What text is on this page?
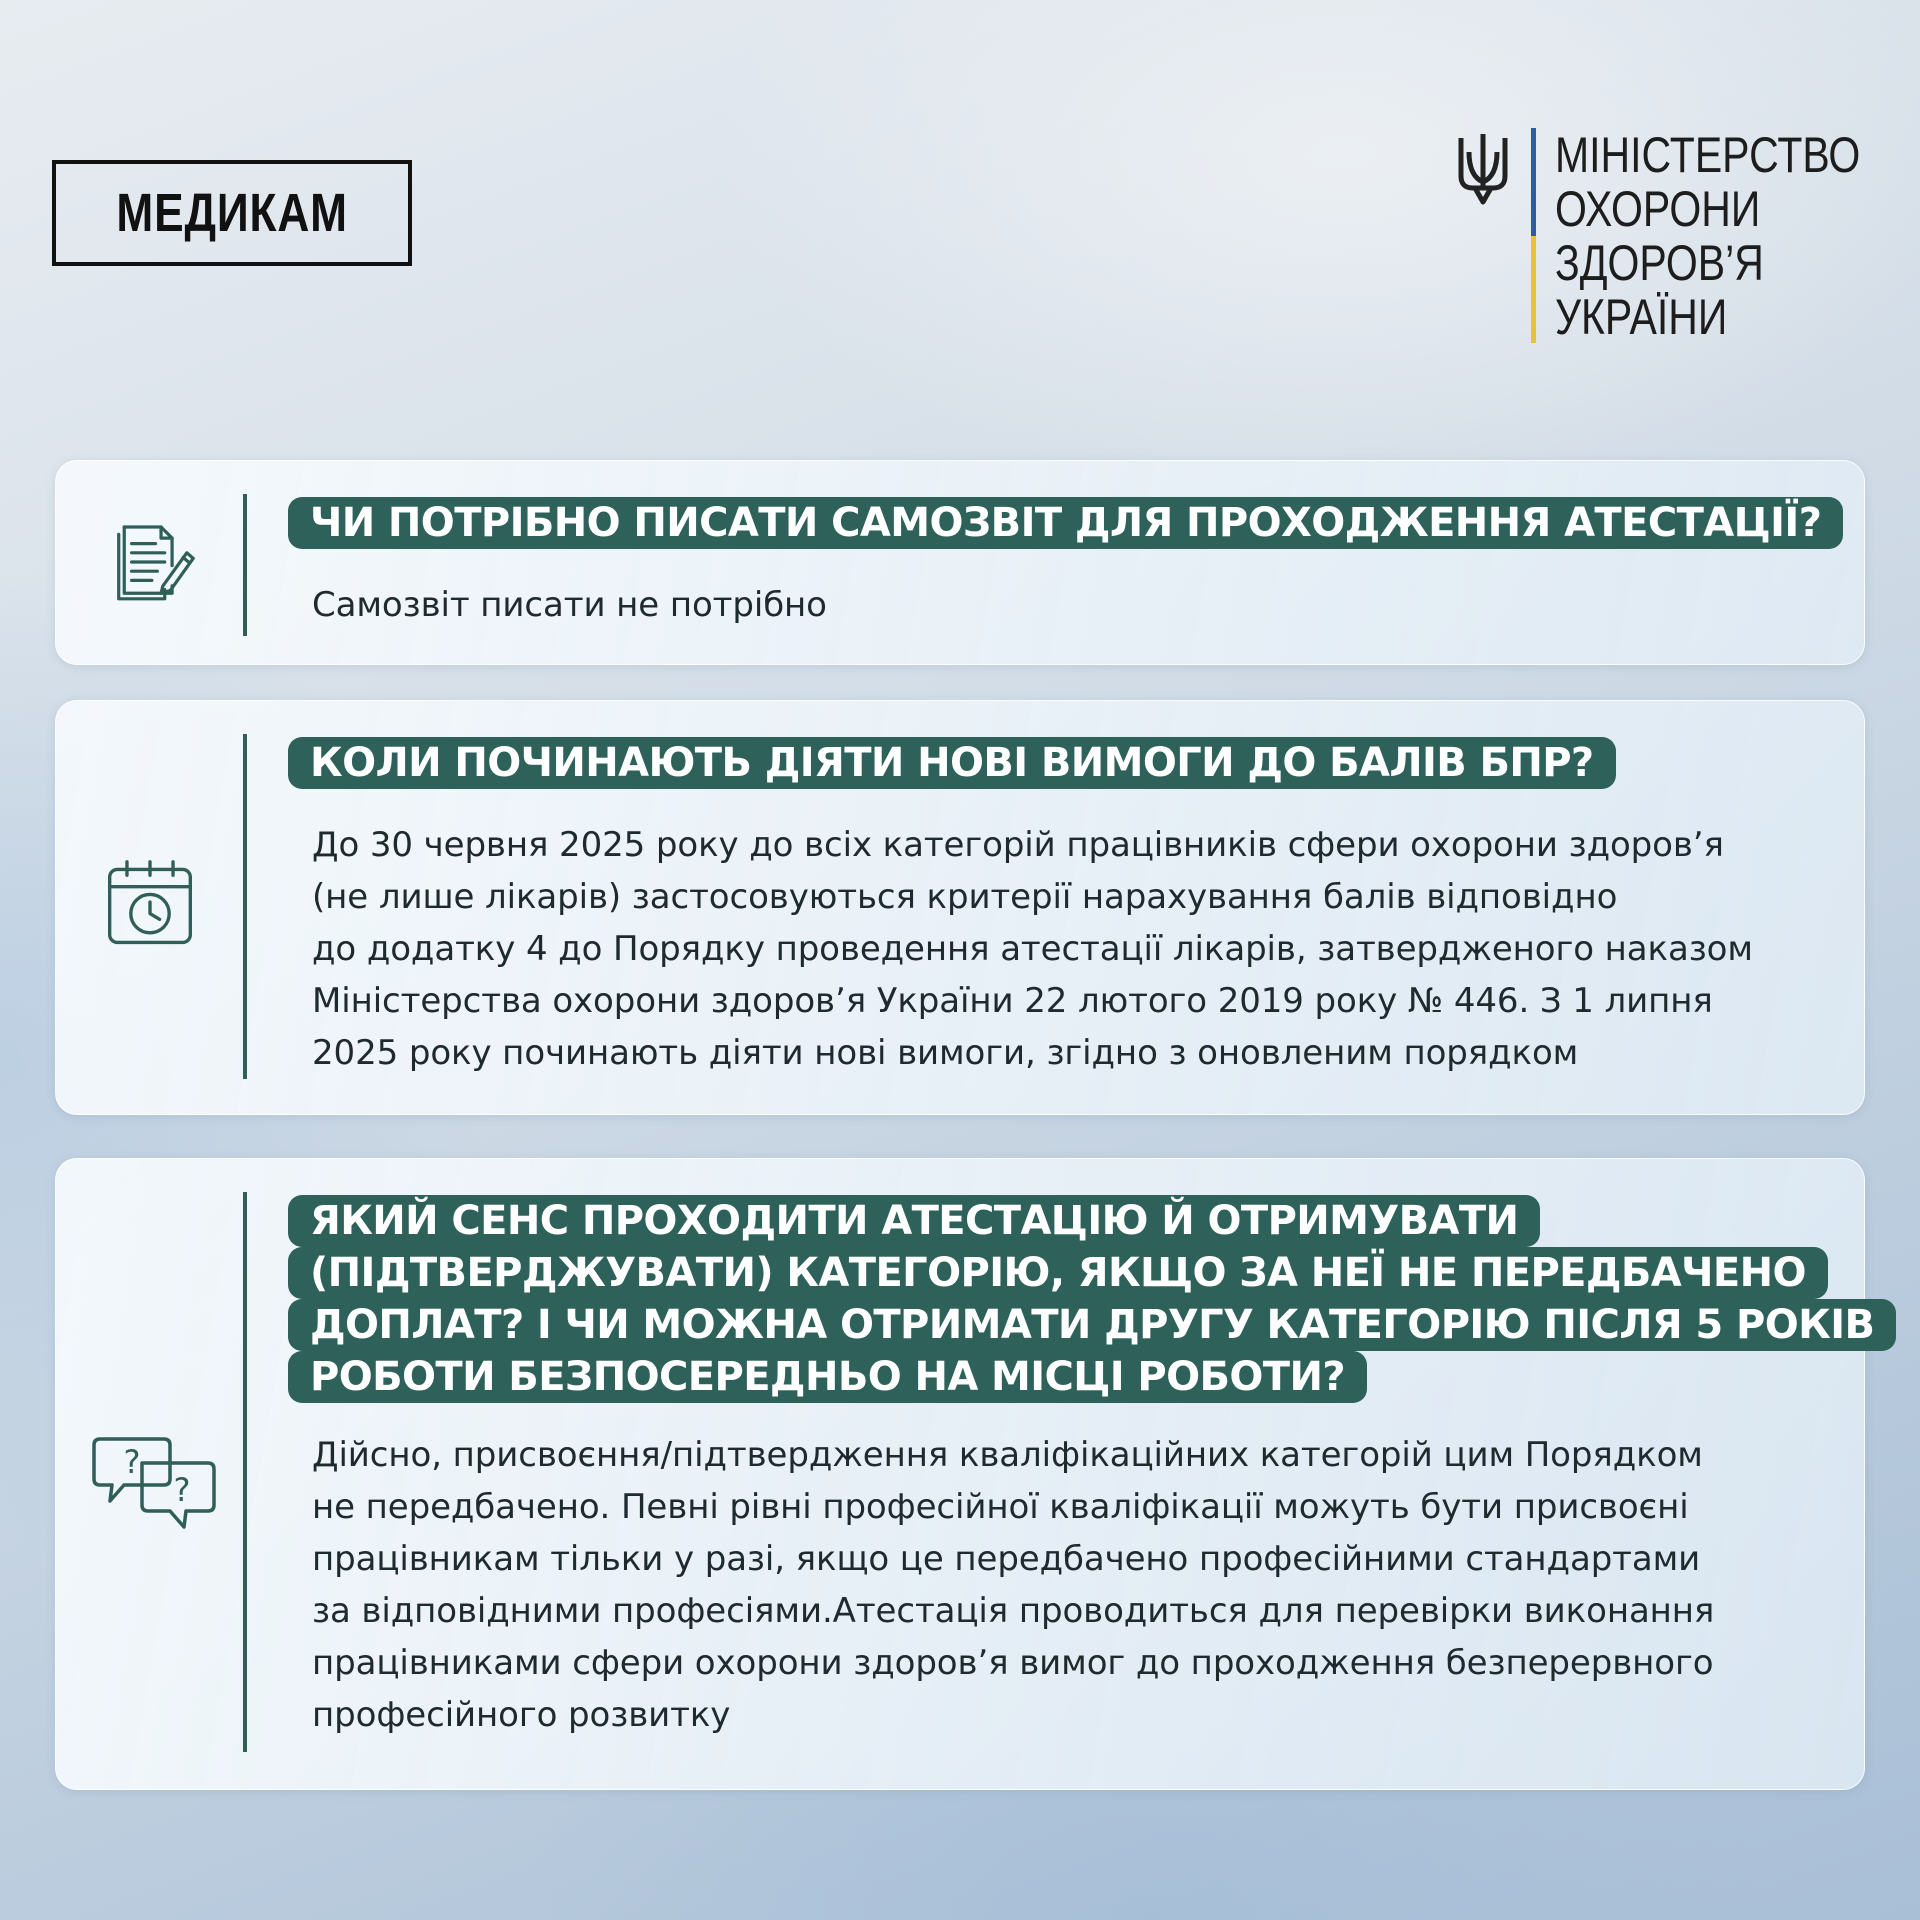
МЕДИКАМ
МІНІСТЕРСТВО
ОХОРОНИ
ЗДОРОВ’Я
УКРАЇНИ
ЧИ ПОТРІБНО ПИСАТИ САМОЗВІТ ДЛЯ ПРОХОДЖЕННЯ АТЕСТАЦІЇ?
Самозвіт писати не потрібно
КОЛИ ПОЧИНАЮТЬ ДІЯТИ НОВІ ВИМОГИ ДО БАЛІВ БПР?
До 30 червня 2025 року до всіх категорій працівників сфери охорони здоров’я
(не лише лікарів) застосовуються критерії нарахування балів відповідно
до додатку 4 до Порядку проведення атестації лікарів, затвердженого наказом
Міністерства охорони здоров’я України 22 лютого 2019 року № 446. З 1 липня
2025 року починають діяти нові вимоги, згідно з оновленим порядком
?
?
ЯКИЙ СЕНС ПРОХОДИТИ АТЕСТАЦІЮ Й ОТРИМУВАТИ
(ПІДТВЕРДЖУВАТИ) КАТЕГОРІЮ, ЯКЩО ЗА НЕЇ НЕ ПЕРЕДБАЧЕНО
ДОПЛАТ? І ЧИ МОЖНА ОТРИМАТИ ДРУГУ КАТЕГОРІЮ ПІСЛЯ 5 РОКІВ
РОБОТИ БЕЗПОСЕРЕДНЬО НА МІСЦІ РОБОТИ?
Дійсно, присвоєння/підтвердження кваліфікаційних категорій цим Порядком
не передбачено. Певні рівні професійної кваліфікації можуть бути присвоєні
працівникам тільки у разі, якщо це передбачено професійними стандартами
за відповідними професіями.Атестація проводиться для перевірки виконання
працівниками сфери охорони здоров’я вимог до проходження безперервного
професійного розвитку
